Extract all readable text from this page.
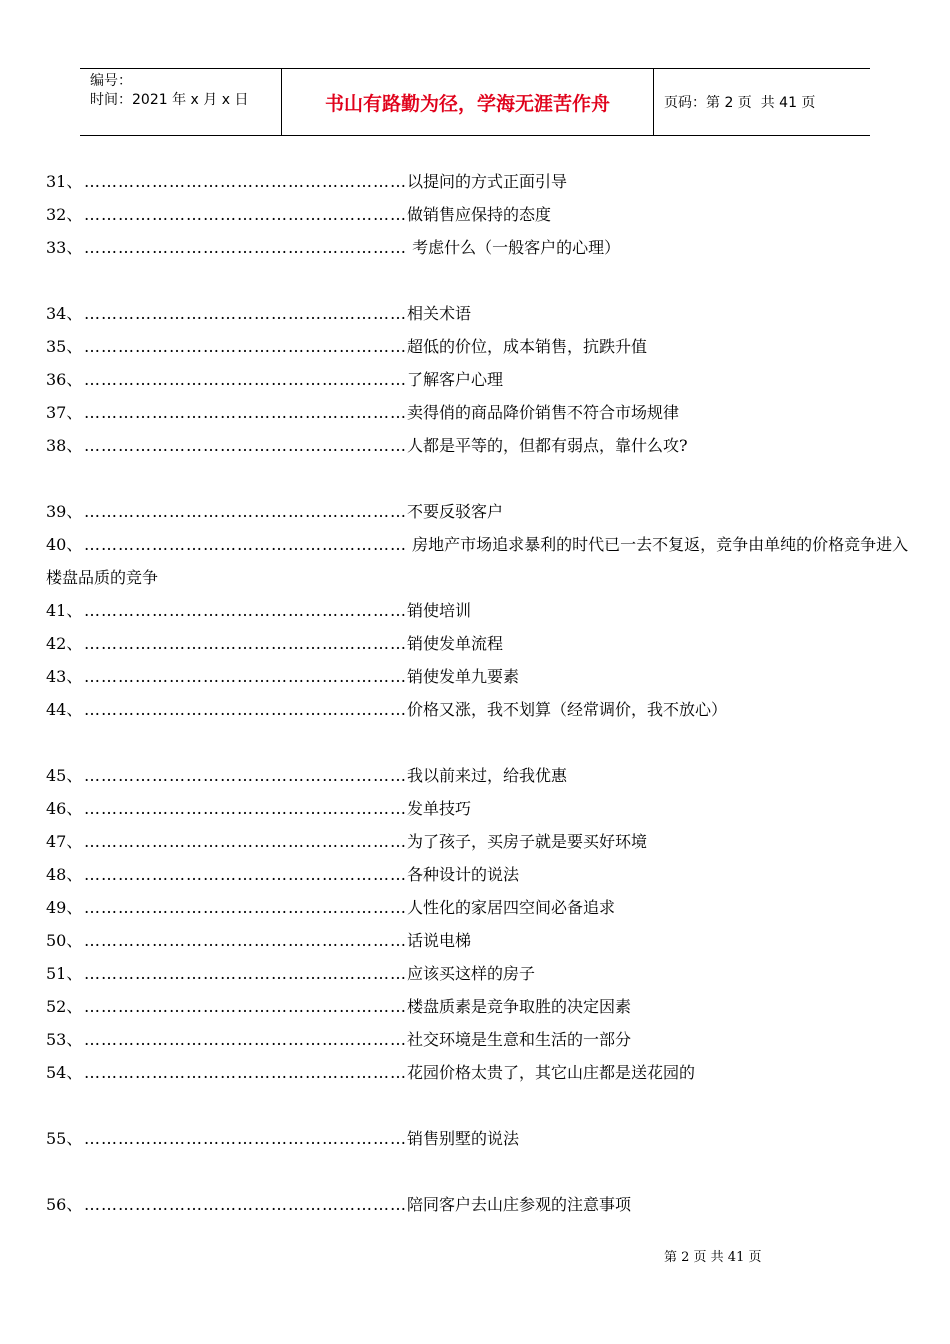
编号：
时间：2021 年 x 月 x 日	书山有路勤为径，学海无涯苦作舟	页码：第 2 页  共 41 页
31、 …………………………………………………以提问的方式正面引导
32、 …………………………………………………做销售应保持的态度
33、 ………………………………………………… 考虑什么（一般客户的心理）
34、 …………………………………………………相关术语
35、 …………………………………………………超低的价位，成本销售，抗跌升值
36、 …………………………………………………了解客户心理
37、 …………………………………………………卖得俏的商品降价销售不符合市场规律
38、 …………………………………………………人都是平等的，但都有弱点，靠什么攻?
39、 …………………………………………………不要反驳客户
40、 ………………………………………………… 房地产市场追求暴利的时代已一去不复返，竞争由单纯的价格竞争进入楼盘品质的竞争
41、 …………………………………………………销使培训
42、 …………………………………………………销使发单流程
43、 …………………………………………………销使发单九要素
44、 …………………………………………………价格又涨，我不划算（经常调价，我不放心）
45、 …………………………………………………我以前来过，给我优惠
46、 …………………………………………………发单技巧
47、 …………………………………………………为了孩子，买房子就是要买好环境
48、 …………………………………………………各种设计的说法
49、 …………………………………………………人性化的家居四空间必备追求
50、 …………………………………………………话说电梯
51、 …………………………………………………应该买这样的房子
52、 …………………………………………………楼盘质素是竞争取胜的决定因素
53、 …………………………………………………社交环境是生意和生活的一部分
54、 …………………………………………………花园价格太贵了，其它山庄都是送花园的
55、 …………………………………………………销售别墅的说法
56、 …………………………………………………陪同客户去山庄参观的注意事项
第 2 页 共 41 页
